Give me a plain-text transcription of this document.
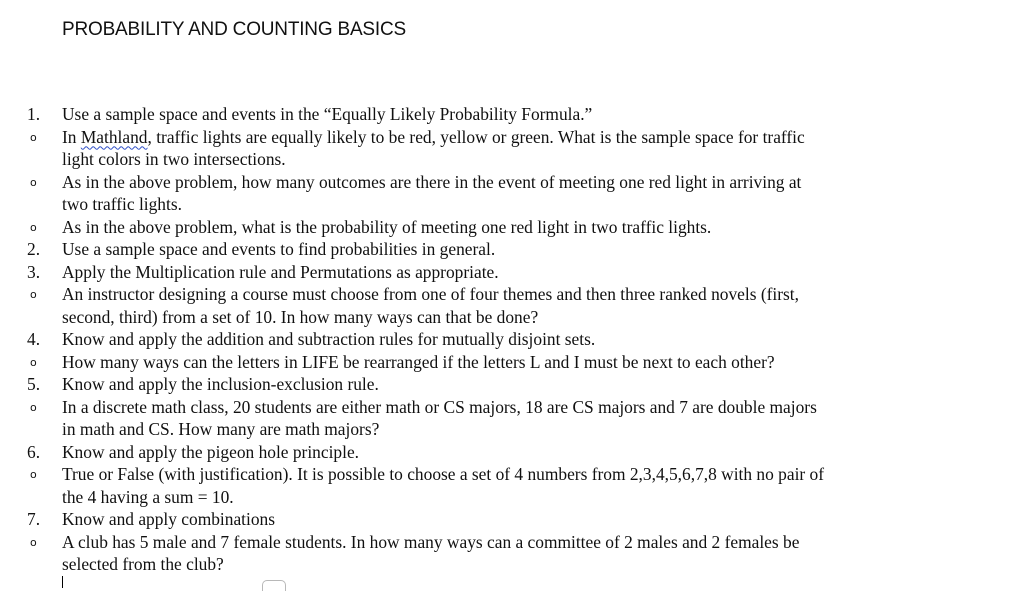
PROBABILITY AND COUNTING BASICS
1.	Use a sample space and events in the “Equally Likely Probability Formula.”
o	In Mathland, traffic lights are equally likely to be red, yellow or green. What is the sample space for traffic
light colors in two intersections.
o	As in the above problem, how many outcomes are there in the event of meeting one red light in arriving at
two traffic lights.
o	As in the above problem, what is the probability of meeting one red light in two traffic lights.
2.	Use a sample space and events to find probabilities in general.
3.	Apply the Multiplication rule and Permutations as appropriate.
o	An instructor designing a course must choose from one of four themes and then three ranked novels (first,
second, third) from a set of 10. In how many ways can that be done?
4.	Know and apply the addition and subtraction rules for mutually disjoint sets.
o	How many ways can the letters in LIFE be rearranged if the letters L and I must be next to each other?
5.	Know and apply the inclusion-exclusion rule.
o	In a discrete math class, 20 students are either math or CS majors, 18 are CS majors and 7 are double majors
in math and CS. How many are math majors?
6.	Know and apply the pigeon hole principle.
o	True or False (with justification). It is possible to choose a set of 4 numbers from 2,3,4,5,6,7,8 with no pair of
the 4 having a sum = 10.
7.	Know and apply combinations
o	A club has 5 male and 7 female students. In how many ways can a committee of 2 males and 2 females be
selected from the club?
